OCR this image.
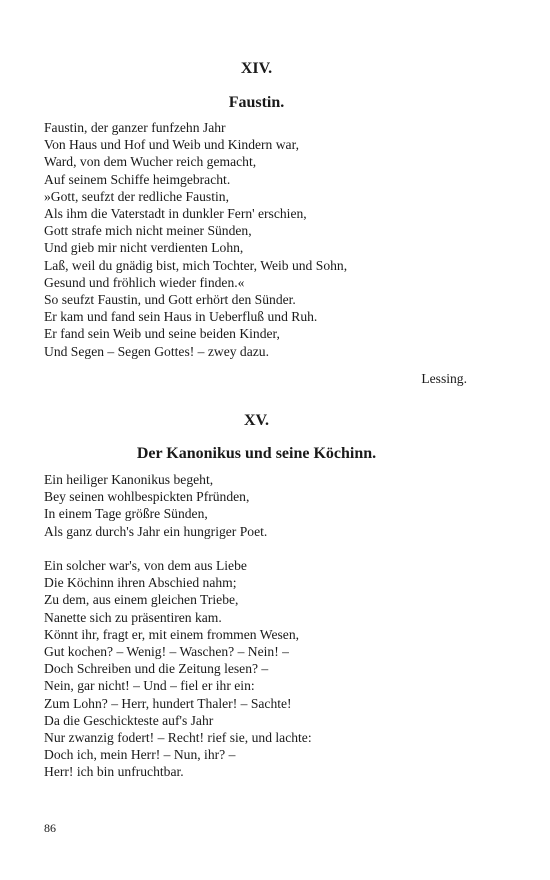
XIV.
Faustin.
Faustin, der ganzer funfzehn Jahr
Von Haus und Hof und Weib und Kindern war,
Ward, von dem Wucher reich gemacht,
Auf seinem Schiffe heimgebracht.
»Gott, seufzt der redliche Faustin,
Als ihm die Vaterstadt in dunkler Fern' erschien,
Gott strafe mich nicht meiner Sünden,
Und gieb mir nicht verdienten Lohn,
Laß, weil du gnädig bist, mich Tochter, Weib und Sohn,
Gesund und fröhlich wieder finden.«
So seufzt Faustin, und Gott erhört den Sünder.
Er kam und fand sein Haus in Ueberfluß und Ruh.
Er fand sein Weib und seine beiden Kinder,
Und Segen – Segen Gottes! – zwey dazu.
Lessing.
XV.
Der Kanonikus und seine Köchinn.
Ein heiliger Kanonikus begeht,
Bey seinen wohlbespickten Pfründen,
In einem Tage größre Sünden,
Als ganz durch's Jahr ein hungriger Poet.
Ein solcher war's, von dem aus Liebe
Die Köchinn ihren Abschied nahm;
Zu dem, aus einem gleichen Triebe,
Nanette sich zu präsentiren kam.
Könnt ihr, fragt er, mit einem frommen Wesen,
Gut kochen? – Wenig! – Waschen? – Nein! –
Doch Schreiben und die Zeitung lesen? –
Nein, gar nicht! – Und – fiel er ihr ein:
Zum Lohn? – Herr, hundert Thaler! – Sachte!
Da die Geschickteste auf's Jahr
Nur zwanzig fodert! – Recht! rief sie, und lachte:
Doch ich, mein Herr! – Nun, ihr? –
Herr! ich bin unfruchtbar.
86
